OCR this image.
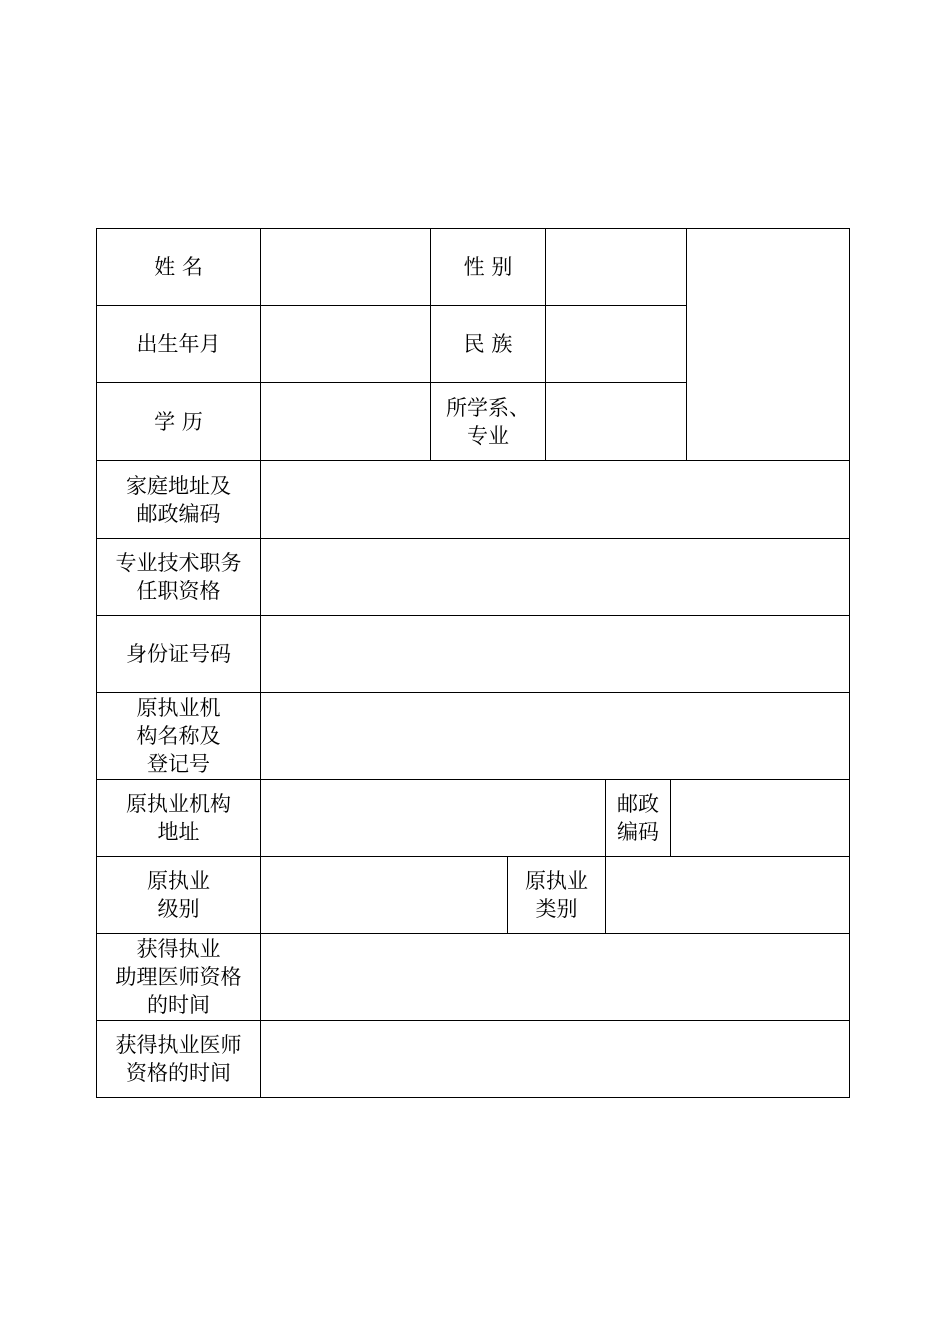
姓 名	性 别
出生年月	民 族
学 历
所学系、
专业
家庭地址及
邮政编码
专业技术职务
任职资格
身份证号码
原执业机
构名称及
登记号
原执业机构
地址
邮政
编码
原执业
级别
原执业
类别
获得执业
助理医师资格
的时间
获得执业医师
资格的时间
